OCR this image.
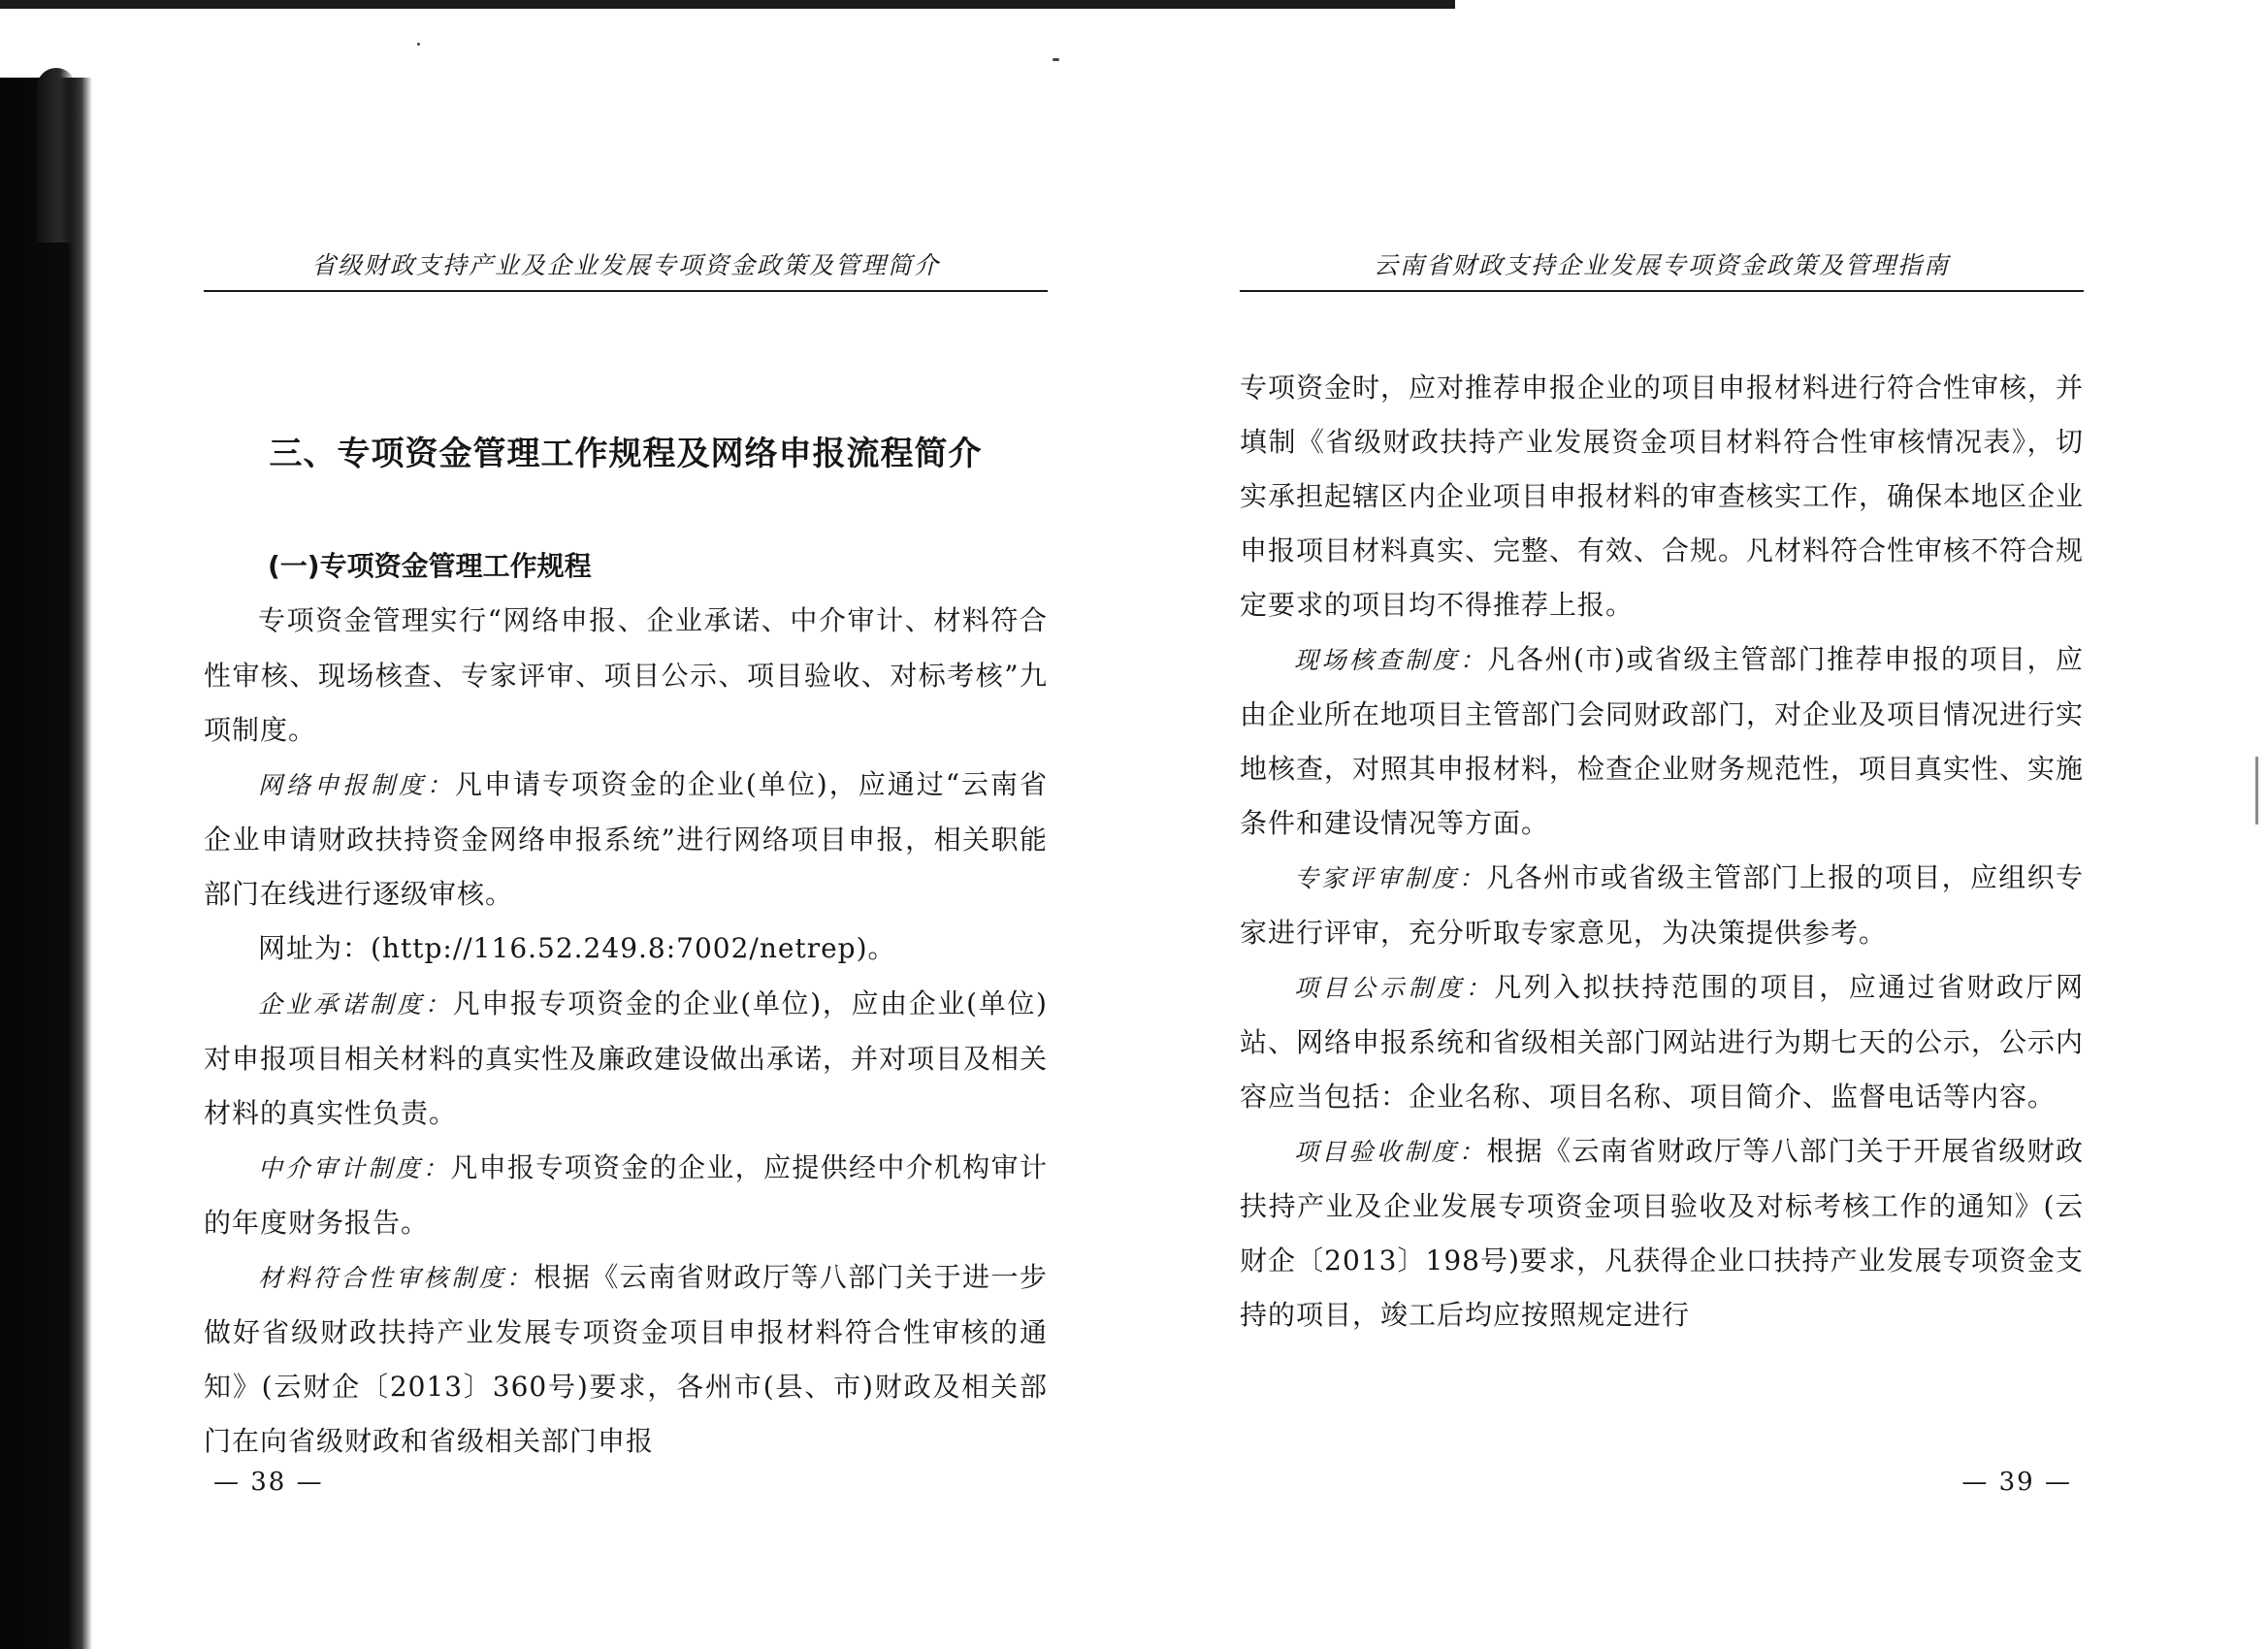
省级财政支持产业及企业发展专项资金政策及管理简介
三、专项资金管理工作规程及网络申报流程简介
(一)专项资金管理工作规程

专项资金管理实行“网络申报、企业承诺、中介审计、材料符合性审核、现场核查、专家评审、项目公示、项目验收、对标考核”九项制度。

网络申报制度：凡申请专项资金的企业(单位)，应通过“云南省企业申请财政扶持资金网络申报系统”进行网络项目申报，相关职能部门在线进行逐级审核。

网址为：(http://116.52.249.8:7002/netrep)。

企业承诺制度：凡申报专项资金的企业(单位)，应由企业(单位)对申报项目相关材料的真实性及廉政建设做出承诺，并对项目及相关材料的真实性负责。

中介审计制度：凡申报专项资金的企业，应提供经中介机构审计的年度财务报告。

材料符合性审核制度：根据《云南省财政厅等八部门关于进一步做好省级财政扶持产业发展专项资金项目申报材料符合性审核的通知》(云财企〔2013〕360号)要求，各州市(县、市)财政及相关部门在向省级财政和省级相关部门申报

— 38 —
云南省财政支持企业发展专项资金政策及管理指南

专项资金时，应对推荐申报企业的项目申报材料进行符合性审核，并填制《省级财政扶持产业发展资金项目材料符合性审核情况表》，切实承担起辖区内企业项目申报材料的审查核实工作，确保本地区企业申报项目材料真实、完整、有效、合规。凡材料符合性审核不符合规定要求的项目均不得推荐上报。

现场核查制度：凡各州(市)或省级主管部门推荐申报的项目，应由企业所在地项目主管部门会同财政部门，对企业及项目情况进行实地核查，对照其申报材料，检查企业财务规范性，项目真实性、实施条件和建设情况等方面。

专家评审制度：凡各州市或省级主管部门上报的项目，应组织专家进行评审，充分听取专家意见，为决策提供参考。

项目公示制度：凡列入拟扶持范围的项目，应通过省财政厅网站、网络申报系统和省级相关部门网站进行为期七天的公示，公示内容应当包括：企业名称、项目名称、项目简介、监督电话等内容。

项目验收制度：根据《云南省财政厅等八部门关于开展省级财政扶持产业及企业发展专项资金项目验收及对标考核工作的通知》(云财企〔2013〕198号)要求，凡获得企业口扶持产业发展专项资金支持的项目，竣工后均应按照规定进行

— 39 —
